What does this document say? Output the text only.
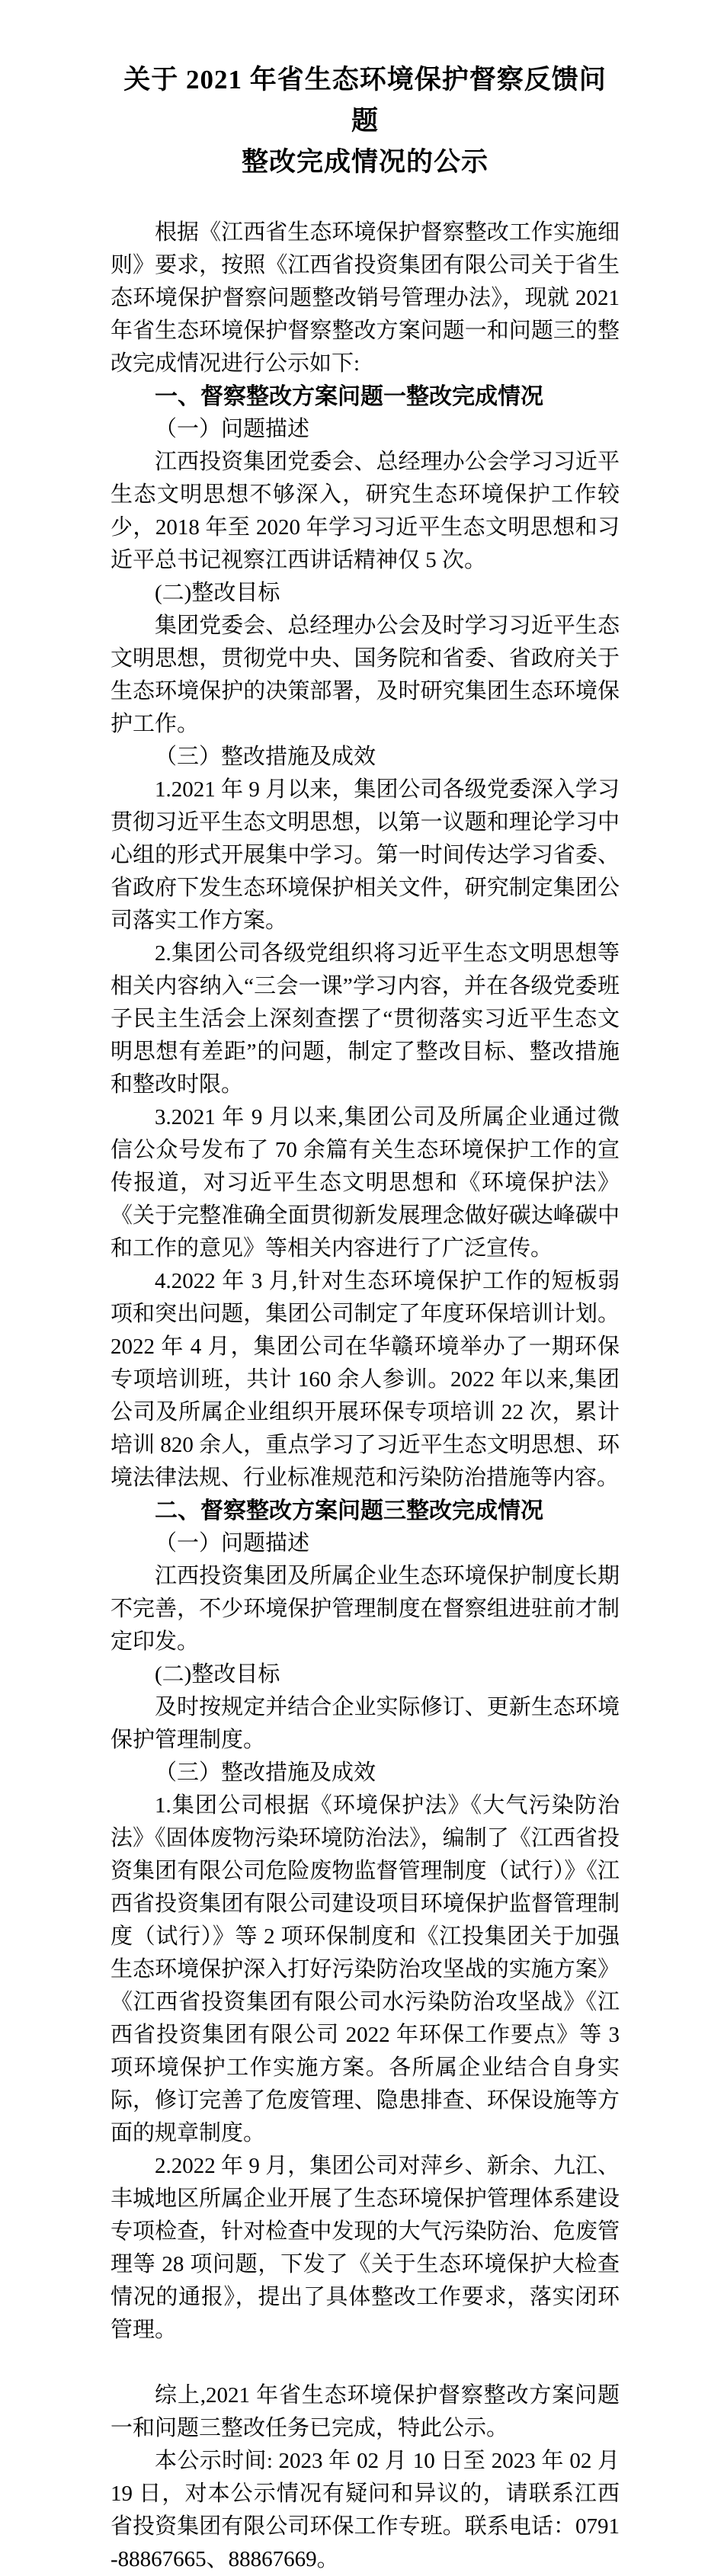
关于 2021 年省生态环境保护督察反馈问题
整改完成情况的公示
根据《江西省生态环境保护督察整改工作实施细则》要求，按照《江西省投资集团有限公司关于省生态环境保护督察问题整改销号管理办法》，现就 2021 年省生态环境保护督察整改方案问题一和问题三的整改完成情况进行公示如下:
一、督察整改方案问题一整改完成情况
（一）问题描述
江西投资集团党委会、总经理办公会学习习近平生态文明思想不够深入，研究生态环境保护工作较少，2018 年至 2020 年学习习近平生态文明思想和习近平总书记视察江西讲话精神仅 5 次。
(二)整改目标
集团党委会、总经理办公会及时学习习近平生态文明思想，贯彻党中央、国务院和省委、省政府关于生态环境保护的决策部署，及时研究集团生态环境保护工作。
（三）整改措施及成效
1.2021 年 9 月以来，集团公司各级党委深入学习贯彻习近平生态文明思想，以第一议题和理论学习中心组的形式开展集中学习。第一时间传达学习省委、省政府下发生态环境保护相关文件，研究制定集团公司落实工作方案。
2.集团公司各级党组织将习近平生态文明思想等相关内容纳入“三会一课”学习内容，并在各级党委班子民主生活会上深刻查摆了“贯彻落实习近平生态文明思想有差距”的问题，制定了整改目标、整改措施和整改时限。
3.2021 年 9 月以来,集团公司及所属企业通过微信公众号发布了 70 余篇有关生态环境保护工作的宣传报道，对习近平生态文明思想和《环境保护法》《关于完整准确全面贯彻新发展理念做好碳达峰碳中和工作的意见》等相关内容进行了广泛宣传。
4.2022 年 3 月,针对生态环境保护工作的短板弱项和突出问题，集团公司制定了年度环保培训计划。2022 年 4 月，集团公司在华赣环境举办了一期环保专项培训班，共计 160 余人参训。2022 年以来,集团公司及所属企业组织开展环保专项培训 22 次，累计培训 820 余人，重点学习了习近平生态文明思想、环境法律法规、行业标准规范和污染防治措施等内容。
二、督察整改方案问题三整改完成情况
（一）问题描述
江西投资集团及所属企业生态环境保护制度长期不完善，不少环境保护管理制度在督察组进驻前才制定印发。
(二)整改目标
及时按规定并结合企业实际修订、更新生态环境保护管理制度。
（三）整改措施及成效
1.集团公司根据《环境保护法》《大气污染防治法》《固体废物污染环境防治法》，编制了《江西省投资集团有限公司危险废物监督管理制度（试行）》《江西省投资集团有限公司建设项目环境保护监督管理制度（试行）》等 2 项环保制度和《江投集团关于加强生态环境保护深入打好污染防治攻坚战的实施方案》《江西省投资集团有限公司水污染防治攻坚战》《江西省投资集团有限公司 2022 年环保工作要点》等 3 项环境保护工作实施方案。各所属企业结合自身实际，修订完善了危废管理、隐患排查、环保设施等方面的规章制度。
2.2022 年 9 月，集团公司对萍乡、新余、九江、丰城地区所属企业开展了生态环境保护管理体系建设专项检查，针对检查中发现的大气污染防治、危废管理等 28 项问题，下发了《关于生态环境保护大检查情况的通报》，提出了具体整改工作要求，落实闭环管理。
综上,2021 年省生态环境保护督察整改方案问题一和问题三整改任务已完成，特此公示。
本公示时间: 2023 年 02 月 10 日至 2023 年 02 月 19 日，对本公示情况有疑问和异议的，请联系江西省投资集团有限公司环保工作专班。联系电话：0791-88867665、88867669。
